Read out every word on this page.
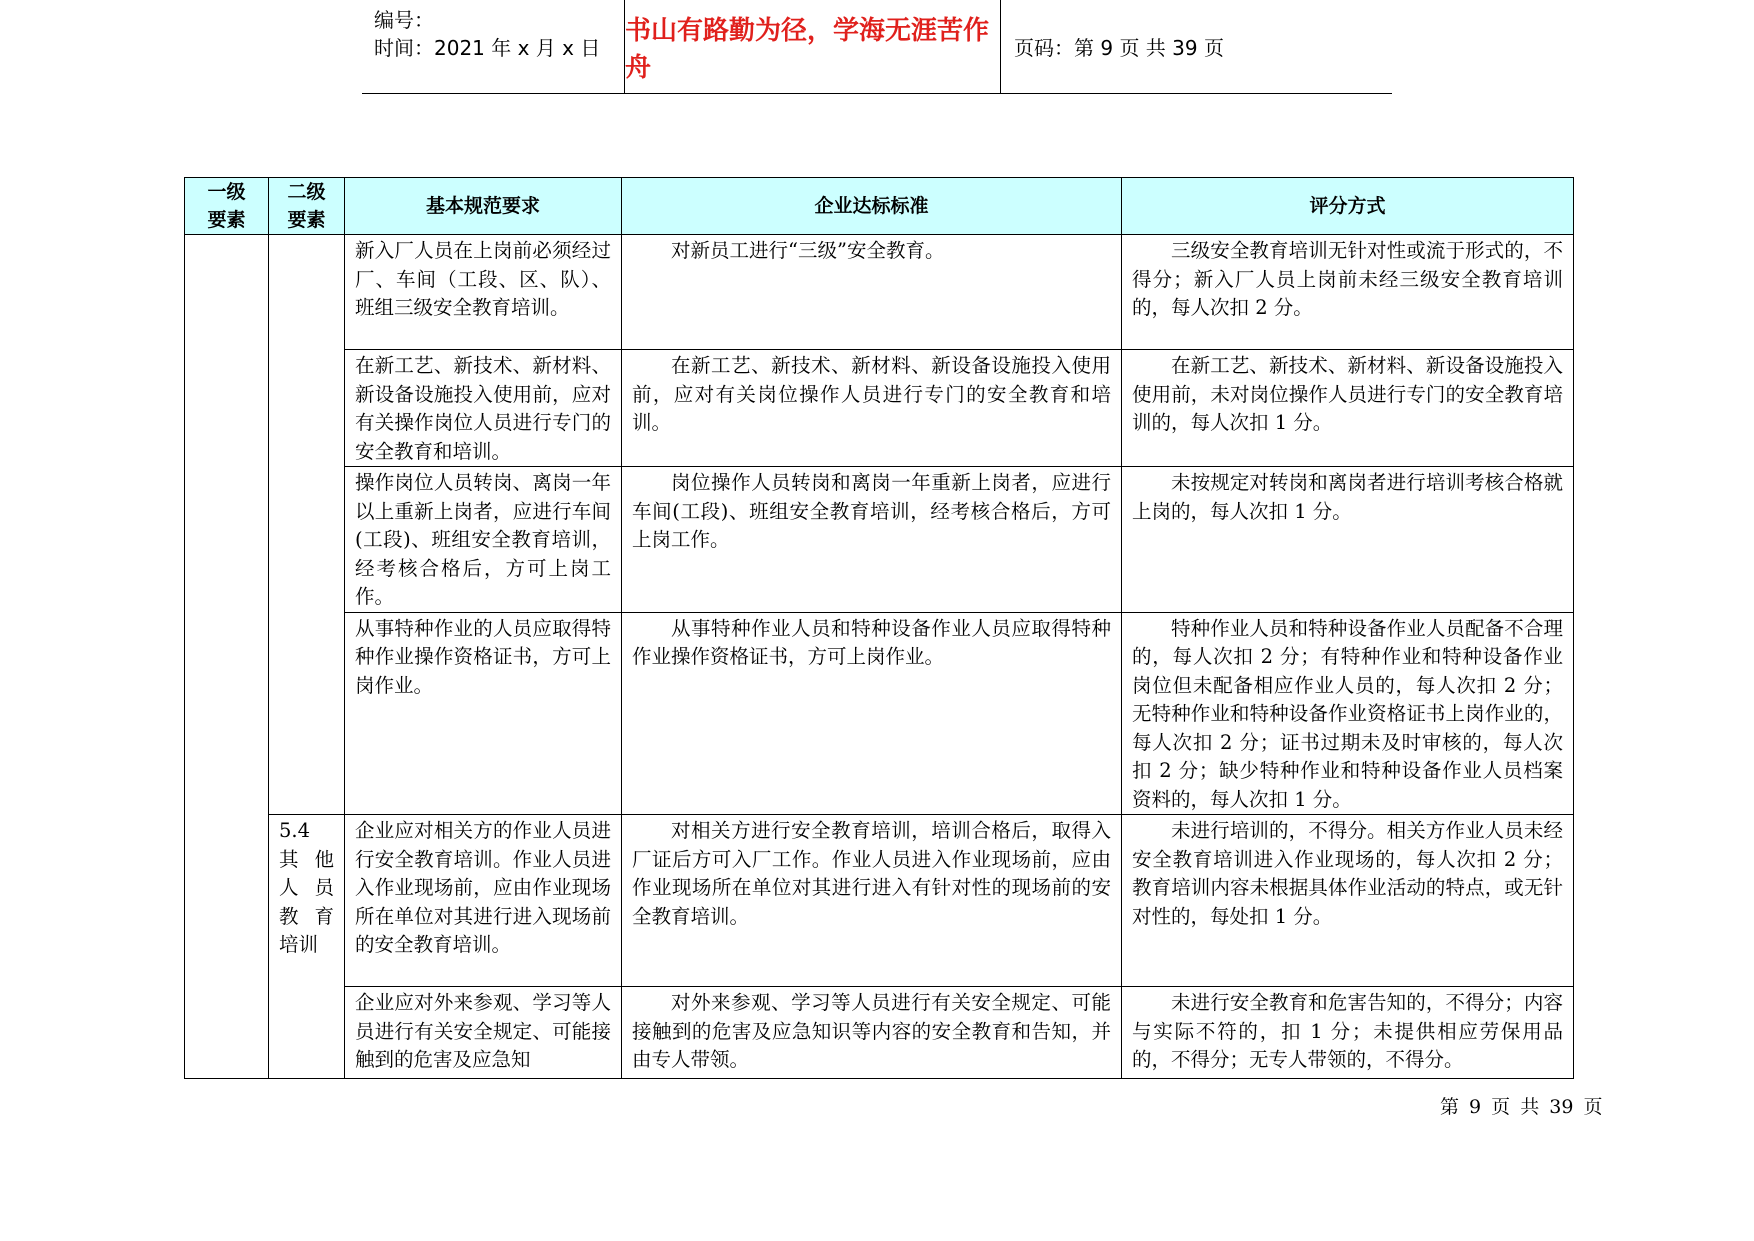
编号：
时间：2021 年 x 月 x 日
书山有路勤为径，学海无涯苦作舟
页码：第 9 页 共 39 页
一级要素	二级要素	基本规范要求	企业达标标准	评分方式
		新入厂人员在上岗前必须经过厂、车间（工段、区、队）、班组三级安全教育培训。	对新员工进行“三级”安全教育。	三级安全教育培训无针对性或流于形式的，不得分；新入厂人员上岗前未经三级安全教育培训的，每人次扣 2 分。
		在新工艺、新技术、新材料、新设备设施投入使用前，应对有关操作岗位人员进行专门的安全教育和培训。	在新工艺、新技术、新材料、新设备设施投入使用前，应对有关岗位操作人员进行专门的安全教育和培训。	在新工艺、新技术、新材料、新设备设施投入使用前，未对岗位操作人员进行专门的安全教育培训的，每人次扣 1 分。
		操作岗位人员转岗、离岗一年以上重新上岗者，应进行车间(工段)、班组安全教育培训，经考核合格后，方可上岗工作。	岗位操作人员转岗和离岗一年重新上岗者，应进行车间(工段)、班组安全教育培训，经考核合格后，方可上岗工作。	未按规定对转岗和离岗者进行培训考核合格就上岗的，每人次扣 1 分。
		从事特种作业的人员应取得特种作业操作资格证书，方可上岗作业。	从事特种作业人员和特种设备作业人员应取得特种作业操作资格证书，方可上岗作业。	特种作业人员和特种设备作业人员配备不合理的，每人次扣 2 分；有特种作业和特种设备作业岗位但未配备相应作业人员的，每人次扣 2 分；无特种作业和特种设备作业资格证书上岗作业的，每人次扣 2 分；证书过期未及时审核的，每人次扣 2 分；缺少特种作业和特种设备作业人员档案资料的，每人次扣 1 分。
	5.4 其他人员教育培训	企业应对相关方的作业人员进行安全教育培训。作业人员进入作业现场前，应由作业现场所在单位对其进行进入现场前的安全教育培训。	对相关方进行安全教育培训，培训合格后，取得入厂证后方可入厂工作。作业人员进入作业现场前，应由作业现场所在单位对其进行进入有针对性的现场前的安全教育培训。	未进行培训的，不得分。相关方作业人员未经安全教育培训进入作业现场的，每人次扣 2 分；教育培训内容未根据具体作业活动的特点，或无针对性的，每处扣 1 分。
		企业应对外来参观、学习等人员进行有关安全规定、可能接触到的危害及应急知	对外来参观、学习等人员进行有关安全规定、可能接触到的危害及应急知识等内容的安全教育和告知，并由专人带领。	未进行安全教育和危害告知的，不得分；内容与实际不符的，扣 1 分；未提供相应劳保用品的，不得分；无专人带领的，不得分。
第 9 页 共 39 页
